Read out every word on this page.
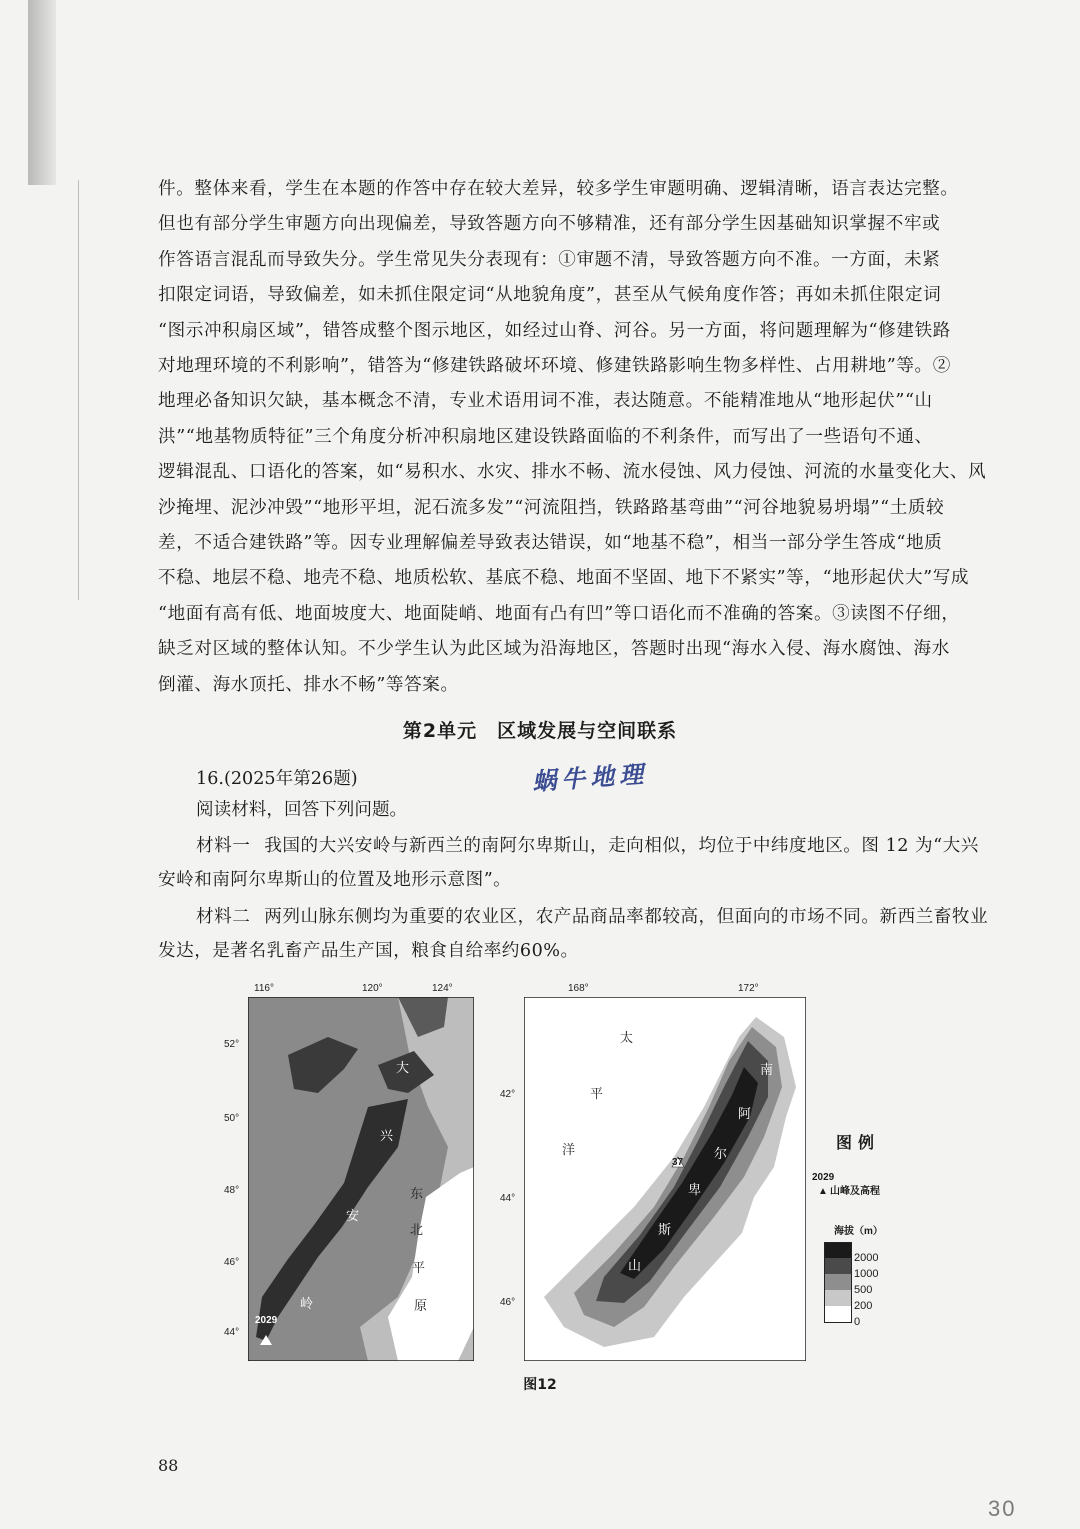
件。整体来看，学生在本题的作答中存在较大差异，较多学生审题明确、逻辑清晰，语言表达完整。
但也有部分学生审题方向出现偏差，导致答题方向不够精准，还有部分学生因基础知识掌握不牢或
作答语言混乱而导致失分。学生常见失分表现有：①审题不清，导致答题方向不准。一方面，未紧
扣限定词语，导致偏差，如未抓住限定词“从地貌角度”，甚至从气候角度作答；再如未抓住限定词
“图示冲积扇区域”，错答成整个图示地区，如经过山脊、河谷。另一方面，将问题理解为“修建铁路
对地理环境的不利影响”，错答为“修建铁路破坏环境、修建铁路影响生物多样性、占用耕地”等。②
地理必备知识欠缺，基本概念不清，专业术语用词不准，表达随意。不能精准地从“地形起伏”“山
洪”“地基物质特征”三个角度分析冲积扇地区建设铁路面临的不利条件，而写出了一些语句不通、
逻辑混乱、口语化的答案，如“易积水、水灾、排水不畅、流水侵蚀、风力侵蚀、河流的水量变化大、风
沙掩埋、泥沙冲毁”“地形平坦，泥石流多发”“河流阻挡，铁路路基弯曲”“河谷地貌易坍塌”“土质较
差，不适合建铁路”等。因专业理解偏差导致表达错误，如“地基不稳”，相当一部分学生答成“地质
不稳、地层不稳、地壳不稳、地质松软、基底不稳、地面不坚固、地下不紧实”等，“地形起伏大”写成
“地面有高有低、地面坡度大、地面陡峭、地面有凸有凹”等口语化而不准确的答案。③读图不仔细，
缺乏对区域的整体认知。不少学生认为此区域为沿海地区，答题时出现“海水入侵、海水腐蚀、海水
倒灌、海水顶托、排水不畅”等答案。

第2单元　区域发展与空间联系

16.(2025年第26题)	蜗牛地理

阅读材料，回答下列问题。

材料一 我国的大兴安岭与新西兰的南阿尔卑斯山，走向相似，均位于中纬度地区。图 12 为“大兴安岭和南阿尔卑斯山的位置及地形示意图”。

材料二 两列山脉东侧均为重要的农业区，农产品商品率都较高，但面向的市场不同。新西兰畜牧业发达，是著名乳畜产品生产国，粮食自给率约60%。

116°	120°	124°
52°
50°
48°
46°
44°
2029
大
兴
安
岭
东
北
平
原
168°	172°
42°
44°
46°
37
太
平
洋
南
阿
尔
卑
斯
山
图例
2029
▲ 山峰及高程
海拔（m）
2000
1000
500
200
0

图12

88

30
